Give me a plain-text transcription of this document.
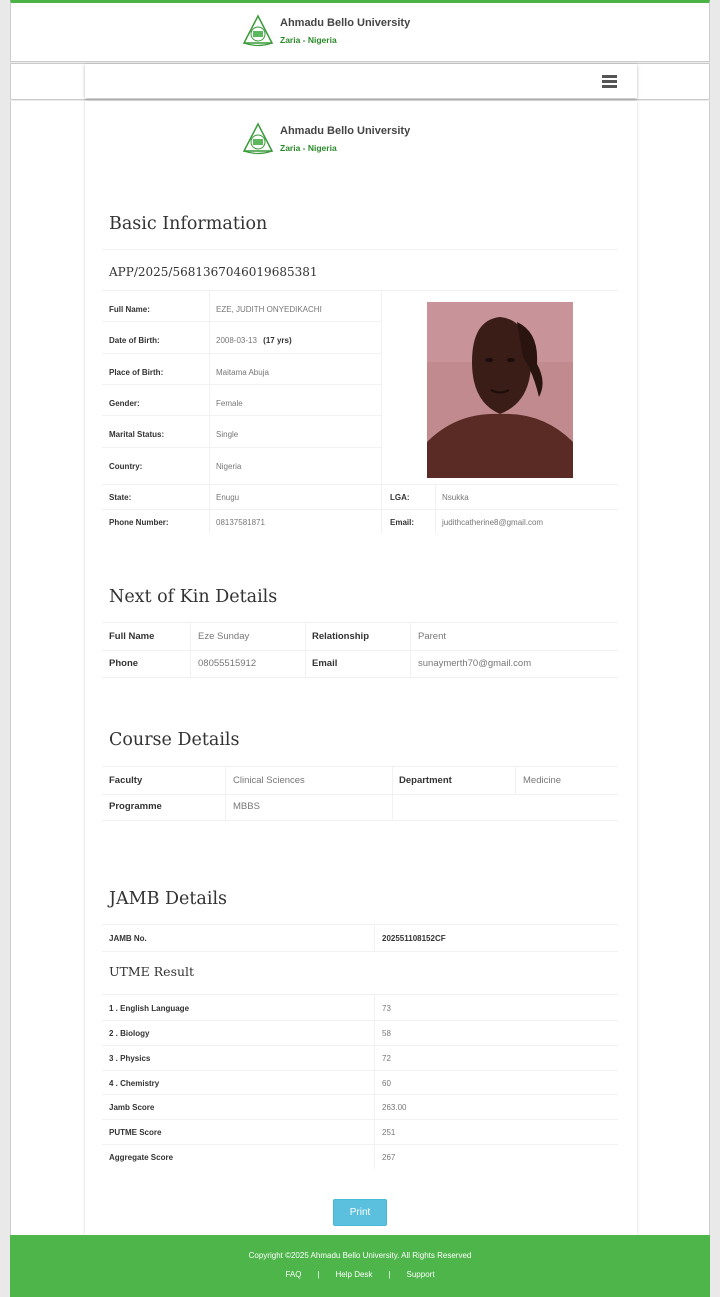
Ahmadu Bello University
Zaria - Nigeria
Ahmadu Bello University
Zaria - Nigeria
Basic Information
APP/2025/5681367046019685381
Full Name:	EZE, JUDITH ONYEDIKACHI
Date of Birth:	2008-03-13 (17 yrs)
Place of Birth:	Maitama Abuja
Gender:	Female
Marital Status:	Single
Country:	Nigeria
State:	Enugu	LGA:	Nsukka
Phone Number:	08137581871	Email:	judithcatherine8@gmail.com
Next of Kin Details
Full Name	Eze Sunday	Relationship	Parent
Phone	08055515912	Email	sunaymerth70@gmail.com
Course Details
Faculty	Clinical Sciences	Department	Medicine
Programme	MBBS
JAMB Details
JAMB No.	202551108152CF
UTME Result
1 . English Language	73
2 . Biology	58
3 . Physics	72
4 . Chemistry	60
Jamb Score	263.00
PUTME Score	251
Aggregate Score	267
Print
Copyright ©2025 Ahmadu Bello University. All Rights Reserved
FAQ | Help Desk | Support
